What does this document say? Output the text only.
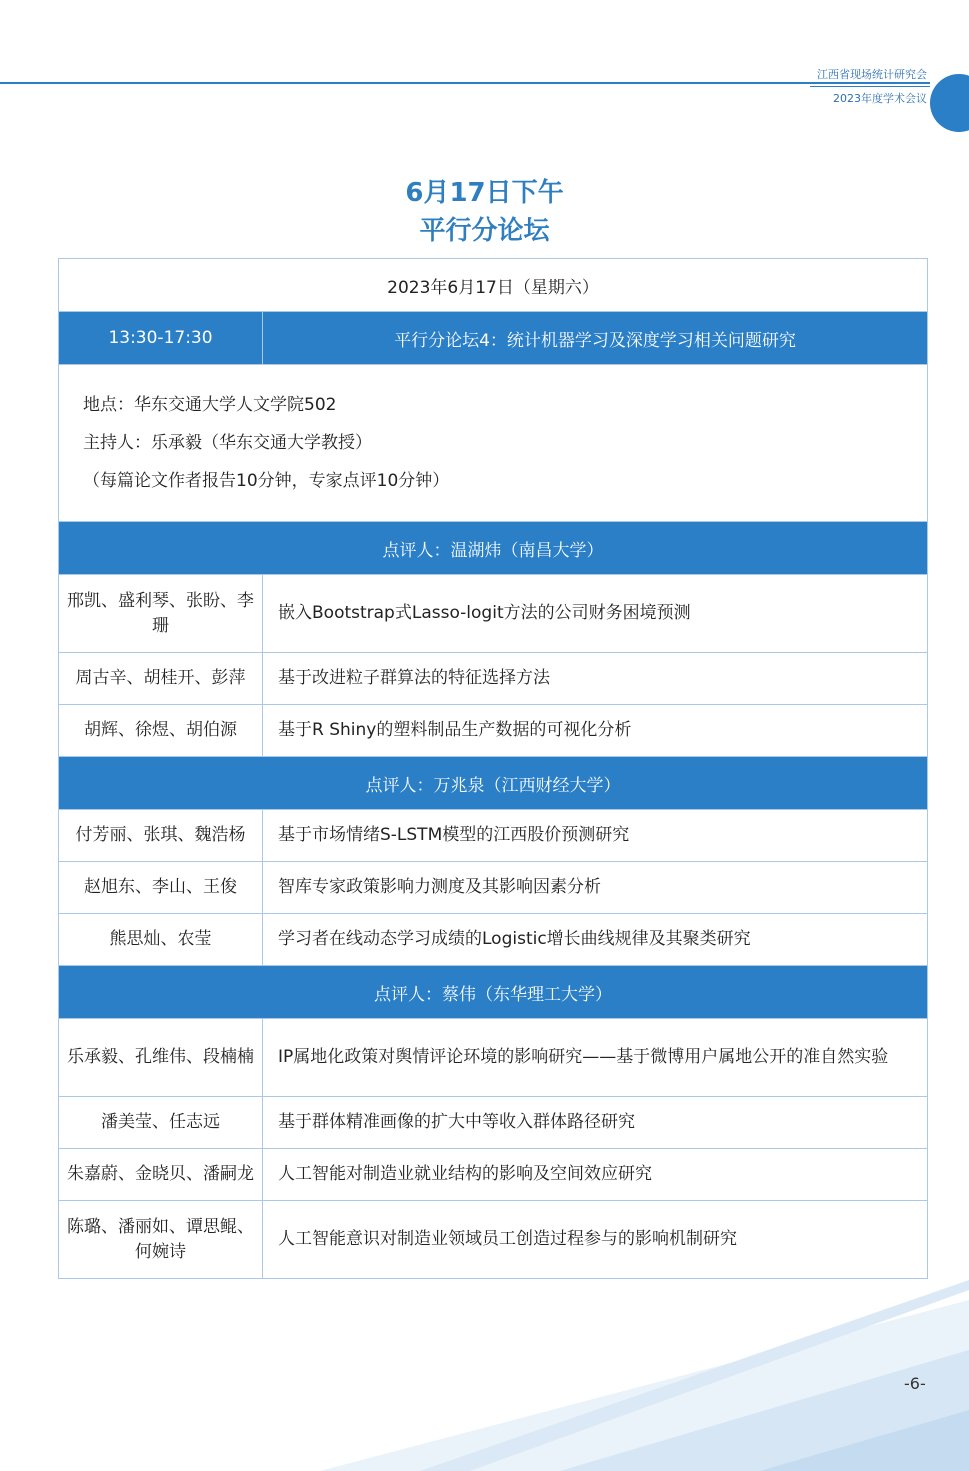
江西省现场统计研究会
2023年度学术会议
6月17日下午
平行分论坛
2023年6月17日（星期六）	
13:30-17:30	平行分论坛4：统计机器学习及深度学习相关问题研究

地点：华东交通大学人文学院502
主持人：乐承毅（华东交通大学教授）
（每篇论文作者报告10分钟，专家点评10分钟）	

点评人：温湖炜（南昌大学）	
邢凯、盛利琴、张盼、李珊	嵌入Bootstrap式Lasso-logit方法的公司财务困境预测
周古辛、胡桂开、彭萍	基于改进粒子群算法的特征选择方法
胡辉、徐煜、胡伯源	基于R Shiny的塑料制品生产数据的可视化分析
点评人：万兆泉（江西财经大学）	
付芳丽、张琪、魏浩杨	基于市场情绪S-LSTM模型的江西股价预测研究
赵旭东、李山、王俊	智库专家政策影响力测度及其影响因素分析
熊思灿、农莹	学习者在线动态学习成绩的Logistic增长曲线规律及其聚类研究
点评人：蔡伟（东华理工大学）	
乐承毅、孔维伟、段楠楠	IP属地化政策对舆情评论环境的影响研究——基于微博用户属地公开的准自然实验
潘美莹、任志远	基于群体精准画像的扩大中等收入群体路径研究
朱嘉蔚、金晓贝、潘嗣龙	人工智能对制造业就业结构的影响及空间效应研究
陈璐、潘丽如、谭思鲲、何婉诗	人工智能意识对制造业领域员工创造过程参与的影响机制研究
-6-
